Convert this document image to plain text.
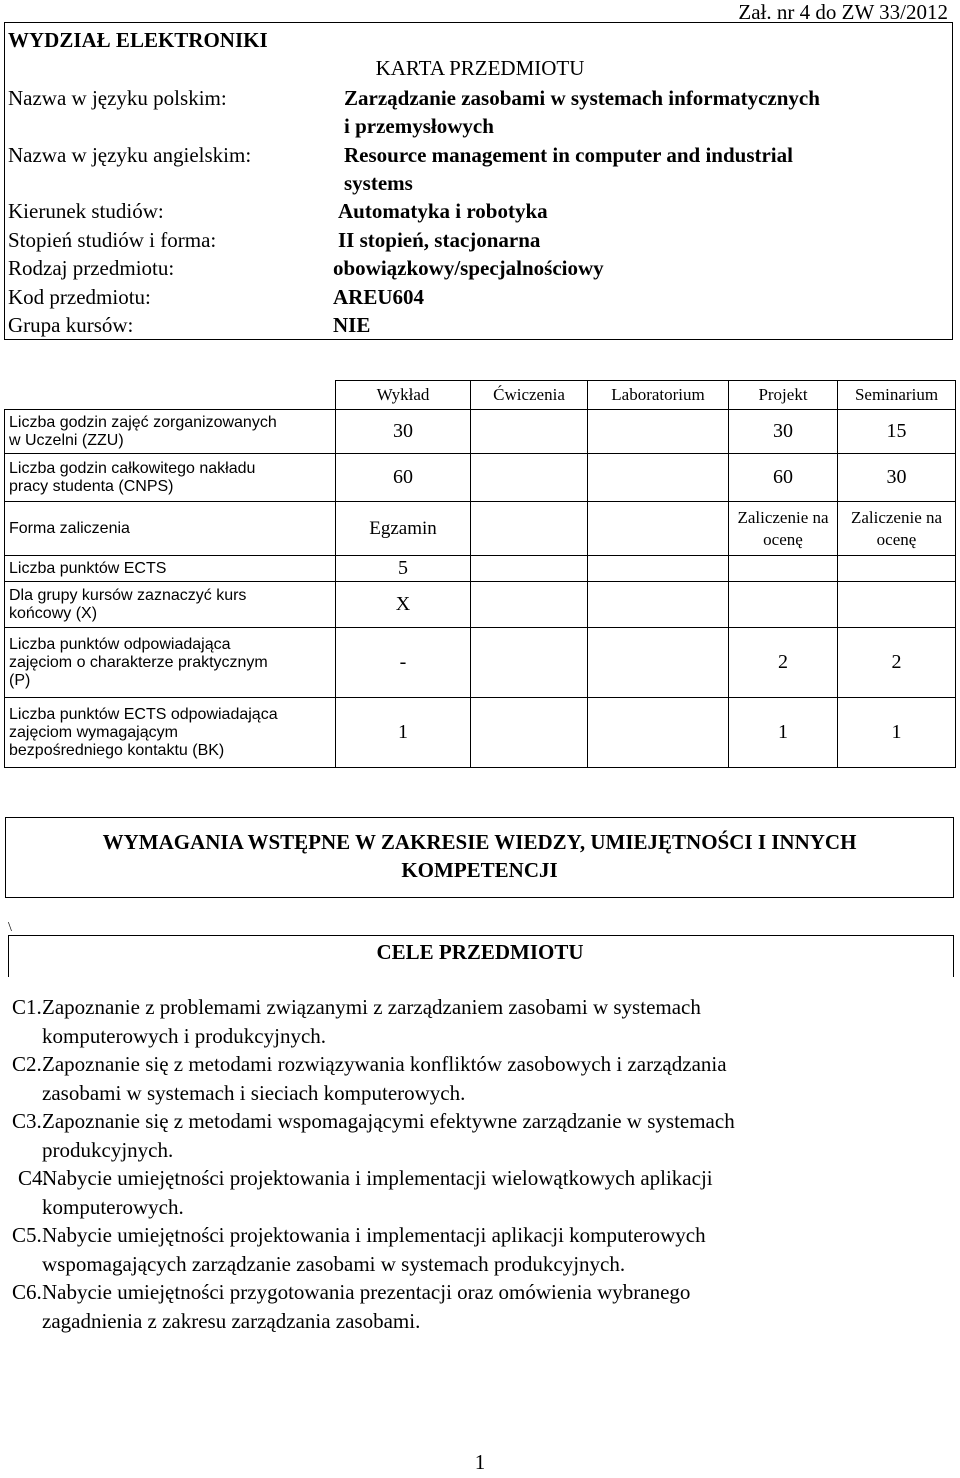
Zał. nr 4 do ZW 33/2012
WYDZIAŁ ELEKTRONIKI
KARTA PRZEDMIOTU
Nazwa w języku polskim:	Zarządzanie zasobami w systemach informatycznych
i przemysłowych
Nazwa w języku angielskim:	Resource management in computer and industrial
systems
Kierunek studiów:	Automatyka i robotyka
Stopień studiów i forma:	II stopień, stacjonarna
Rodzaj przedmiotu:	obowiązkowy/specjalnościowy
Kod przedmiotu:	AREU604
Grupa kursów:	NIE
	Wykład	Ćwiczenia	Laboratorium	Projekt	Seminarium
Liczba godzin zajęć zorganizowanych
w Uczelni (ZZU)	30			30	15
Liczba godzin całkowitego nakładu
pracy studenta (CNPS)	60			60	30
Forma zaliczenia	Egzamin			Zaliczenie na ocenę	Zaliczenie na ocenę
Liczba punktów ECTS	5				
Dla grupy kursów zaznaczyć kurs
końcowy (X)	X				
Liczba punktów odpowiadająca
zajęciom o charakterze praktycznym
(P)	-			2	2
Liczba punktów ECTS odpowiadająca
zajęciom wymagającym
bezpośredniego kontaktu (BK)	1			1	1
WYMAGANIA WSTĘPNE W ZAKRESIE WIEDZY, UMIEJĘTNOŚCI I INNYCH
KOMPETENCJI
\
CELE PRZEDMIOTU
C1. Zapoznanie z problemami związanymi z zarządzaniem zasobami w systemach
komputerowych i produkcyjnych.
C2. Zapoznanie się z metodami rozwiązywania konfliktów zasobowych i zarządzania
zasobami w systemach i sieciach komputerowych.
C3. Zapoznanie się z metodami wspomagającymi efektywne zarządzanie w systemach
produkcyjnych.
C4.
Nabycie umiejętności projektowania i implementacji wielowątkowych aplikacji
komputerowych.
C5. Nabycie umiejętności projektowania i implementacji aplikacji komputerowych
wspomagających zarządzanie zasobami w systemach produkcyjnych.
C6. Nabycie umiejętności przygotowania prezentacji oraz omówienia wybranego
zagadnienia z zakresu zarządzania zasobami.
1
